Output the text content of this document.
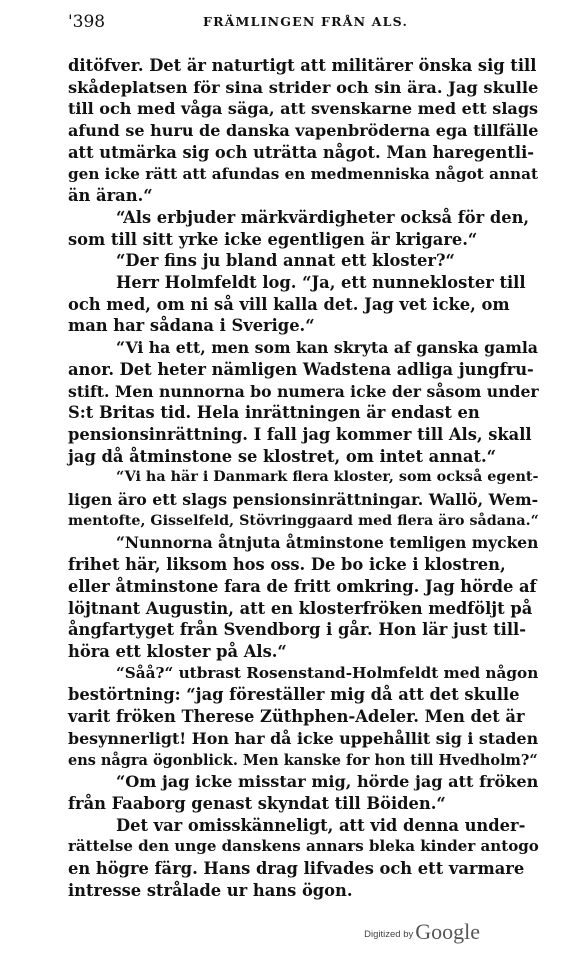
'398	FRÄMLINGEN FRÅN ALS.
ditöfver. Det är naturtigt att militärer önska sig till
skådeplatsen för sina strider och sin ära. Jag skulle
till och med våga säga, att svenskarne med ett slags
afund se huru de danska vapenbröderna ega tillfälle
att utmärka sig och uträtta något. Man haregentli-
gen icke rätt att afundas en medmenniska något annat
än äran.“
“Als erbjuder märkvärdigheter också för den,
som till sitt yrke icke egentligen är krigare.“
“Der fins ju bland annat ett kloster?“
Herr Holmfeldt log. “Ja, ett nunnekloster till
och med, om ni så vill kalla det. Jag vet icke, om
man har sådana i Sverige.“
“Vi ha ett, men som kan skryta af ganska gamla
anor. Det heter nämligen Wadstena adliga jungfru-
stift. Men nunnorna bo numera icke der såsom under
S:t Britas tid. Hela inrättningen är endast en
pensionsinrättning. I fall jag kommer till Als, skall
jag då åtminstone se klostret, om intet annat.“
“Vi ha här i Danmark flera kloster, som också egent-
ligen äro ett slags pensionsinrättningar. Wallö, Wem-
mentofte, Gisselfeld, Stövringgaard med flera äro sådana.“
“Nunnorna åtnjuta åtminstone temligen mycken
frihet här, liksom hos oss. De bo icke i klostren,
eller åtminstone fara de fritt omkring. Jag hörde af
löjtnant Augustin, att en klosterfröken medföljt på
ångfartyget från Svendborg i går. Hon lär just till-
höra ett kloster på Als.“
“Såå?“ utbrast Rosenstand-Holmfeldt med någon
bestörtning: “jag föreställer mig då att det skulle
varit fröken Therese Züthphen-Adeler. Men det är
besynnerligt! Hon har då icke uppehållit sig i staden
ens några ögonblick. Men kanske for hon till Hvedholm?“
“Om jag icke misstar mig, hörde jag att fröken
från Faaborg genast skyndat till Böiden.“
Det var omisskänneligt, att vid denna under-
rättelse den unge danskens annars bleka kinder antogo
en högre färg. Hans drag lifvades och ett varmare
intresse strålade ur hans ögon.
Digitized by Google
